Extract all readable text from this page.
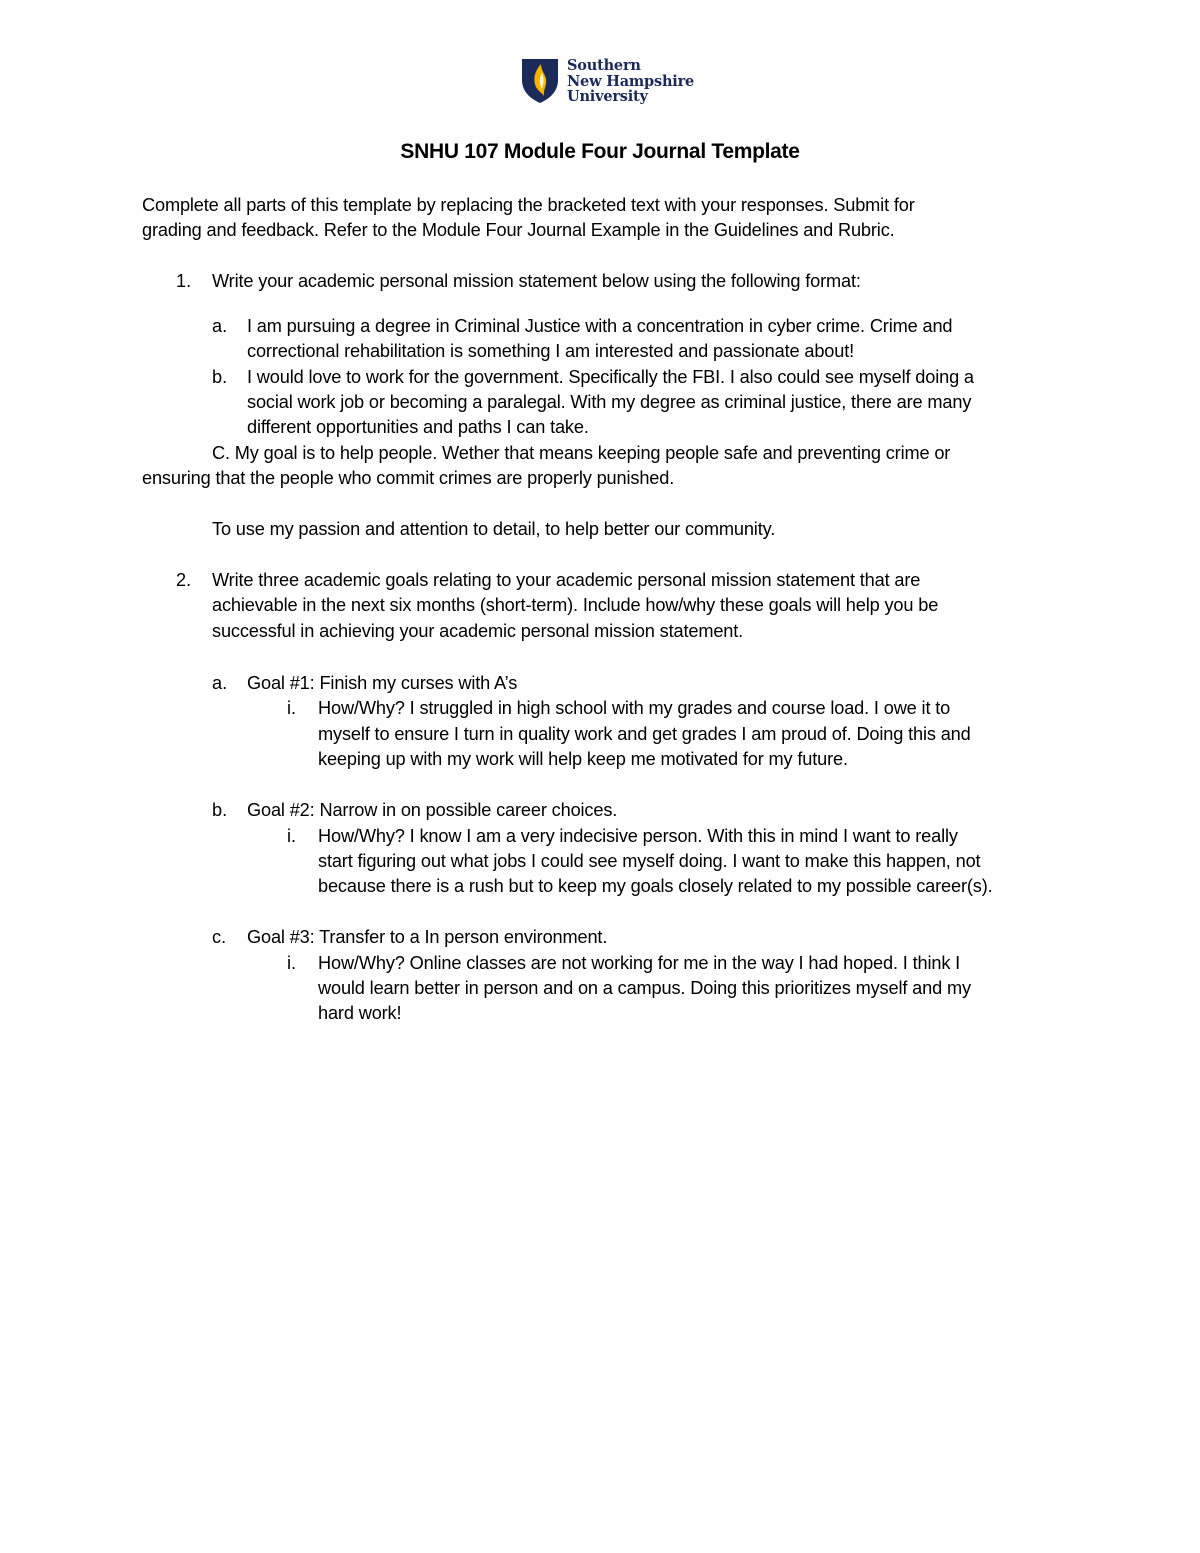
Southern
New Hampshire
University
SNHU 107 Module Four Journal Template
Complete all parts of this template by replacing the bracketed text with your responses. Submit for
grading and feedback. Refer to the Module Four Journal Example in the Guidelines and Rubric.
1. Write your academic personal mission statement below using the following format:
a. I am pursuing a degree in Criminal Justice with a concentration in cyber crime. Crime and
correctional rehabilitation is something I am interested and passionate about!
b. I would love to work for the government. Specifically the FBI. I also could see myself doing a
social work job or becoming a paralegal. With my degree as criminal justice, there are many
different opportunities and paths I can take.
C. My goal is to help people. Wether that means keeping people safe and preventing crime or
ensuring that the people who commit crimes are properly punished.
To use my passion and attention to detail, to help better our community.
2. Write three academic goals relating to your academic personal mission statement that are
achievable in the next six months (short-term). Include how/why these goals will help you be
successful in achieving your academic personal mission statement.
a. Goal #1: Finish my curses with A’s
i. How/Why? I struggled in high school with my grades and course load. I owe it to
myself to ensure I turn in quality work and get grades I am proud of. Doing this and
keeping up with my work will help keep me motivated for my future.
b. Goal #2: Narrow in on possible career choices.
i. How/Why? I know I am a very indecisive person. With this in mind I want to really
start figuring out what jobs I could see myself doing. I want to make this happen, not
because there is a rush but to keep my goals closely related to my possible career(s).
c. Goal #3: Transfer to a In person environment.
i. How/Why? Online classes are not working for me in the way I had hoped. I think I
would learn better in person and on a campus. Doing this prioritizes myself and my
hard work!
